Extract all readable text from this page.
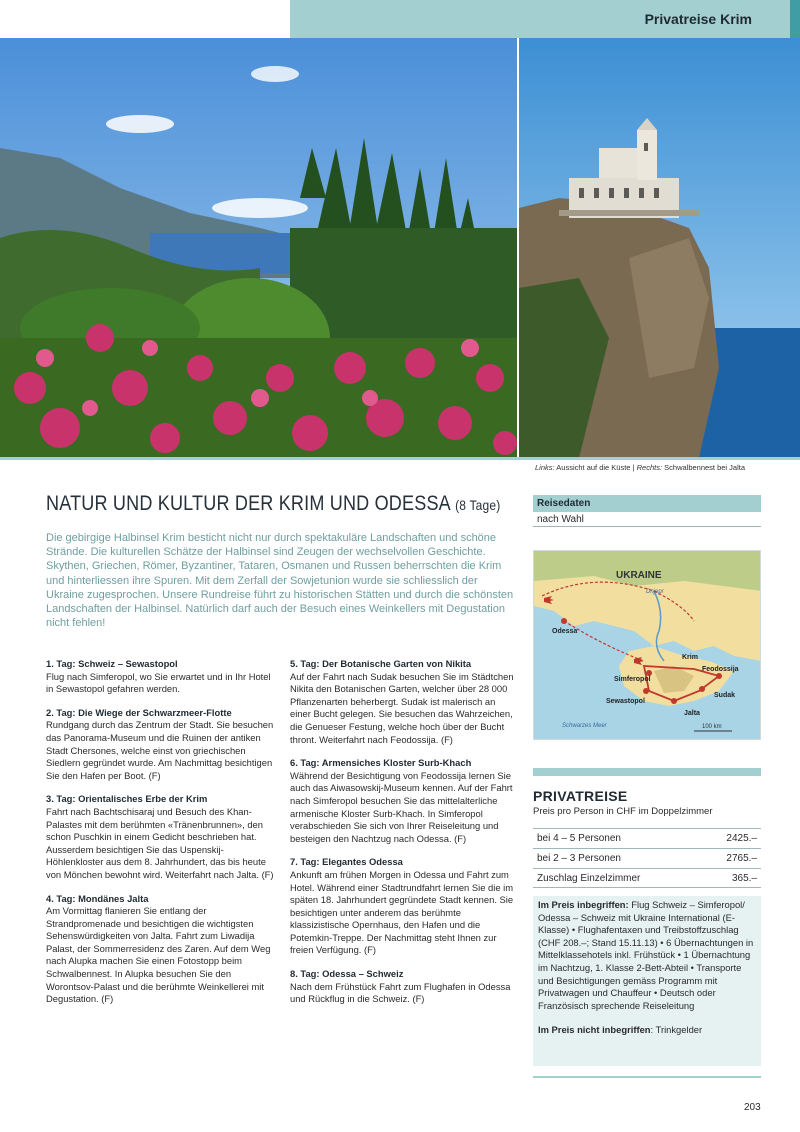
Privatreise Krim
Links: Aussicht auf die Küste | Rechts: Schwalbennest bei Jalta
NATUR UND KULTUR DER KRIM UND ODESSA (8 Tage)
Die gebirgige Halbinsel Krim besticht nicht nur durch spektakuläre Landschaften und schöne Strände. Die kulturellen Schätze der Halbinsel sind Zeugen der wechselvollen Geschichte. Skythen, Griechen, Römer, Byzantiner, Tataren, Osmanen und Russen beherrschten die Krim und hinterliessen ihre Spuren. Mit dem Zerfall der Sowjetunion wurde sie schliesslich der Ukraine zugesprochen. Unsere Rundreise führt zu historischen Stätten und durch die schönsten Landschaften der Halbinsel. Natürlich darf auch der Besuch eines Weinkellers mit Degustation nicht fehlen!
1. Tag: Schweiz – Sewastopol

Flug nach Simferopol, wo Sie erwartet und in Ihr Hotel in Sewastopol gefahren werden.

2. Tag: Die Wiege der Schwarzmeer-Flotte

Rundgang durch das Zentrum der Stadt. Sie besuchen das Panorama-Museum und die Ruinen der antiken Stadt Chersones, welche einst von griechischen Siedlern gegründet wurde. Am Nachmittag besichtigen Sie den Hafen per Boot. (F)

3. Tag: Orientalisches Erbe der Krim

Fahrt nach Bachtschisaraj und Besuch des Khan-Palastes mit dem berühmten «Tränenbrunnen», den schon Puschkin in einem Gedicht beschrieben hat. Ausserdem besichtigen Sie das Uspenskij-Höhlenkloster aus dem 8. Jahrhundert, das bis heute von Mönchen bewohnt wird. Weiterfahrt nach Jalta. (F)

4. Tag: Mondänes Jalta

Am Vormittag flanieren Sie entlang der Strandpromenade und besichtigen die wichtigsten Sehenswürdigkeiten von Jalta. Fahrt zum Liwadija Palast, der Sommerresidenz des Zaren. Auf dem Weg nach Alupka machen Sie einen Fotostopp beim Schwalbennest. In Alupka besuchen Sie den Worontsov-Palast und die berühmte Weinkellerei mit Degustation. (F)

5. Tag: Der Botanische Garten von Nikita

Auf der Fahrt nach Sudak besuchen Sie im Städtchen Nikita den Botanischen Garten, welcher über 28 000 Pflanzenarten beherbergt. Sudak ist malerisch an einer Bucht gelegen. Sie besuchen das Wahrzeichen, die Genueser Festung, welche hoch über der Bucht thront. Weiterfahrt nach Feodossija. (F)

6. Tag: Armensiches Kloster Surb-Khach

Während der Besichtigung von Feodossija lernen Sie auch das Aiwasowskij-Museum kennen. Auf der Fahrt nach Simferopol besuchen Sie das mittelalterliche armenische Kloster Surb-Khach. In Simferopol verabschieden Sie sich von Ihrer Reiseleitung und besteigen den Nachtzug nach Odessa. (F)

7. Tag: Elegantes Odessa

Ankunft am frühen Morgen in Odessa und Fahrt zum Hotel. Während einer Stadtrundfahrt lernen Sie die im späten 18. Jahrhundert gegründete Stadt kennen. Sie besichtigen unter anderem das berühmte klassizistische Opernhaus, den Hafen und die Potemkin-Treppe. Der Nachmittag steht Ihnen zur freien Verfügung. (F)

8. Tag: Odessa – Schweiz

Nach dem Frühstück Fahrt zum Flughafen in Odessa und Rückflug in die Schweiz. (F)

Reisedaten
nach Wahl
UKRAINE
Dnjepr
Odessa
Krim
Feodossija
Simferopol
Sudak
Sewastopol
Jalta
Schwarzes Meer	100 km
PRIVATREISE
Preis pro Person in CHF im Doppelzimmer
bei 4 – 5 Personen	2425.–
bei 2 – 3 Personen	2765.–
Zuschlag Einzelzimmer	365.–

Im Preis inbegriffen: Flug Schweiz – Simferopol/ Odessa – Schweiz mit Ukraine International (E-Klasse) • Flughafentaxen und Treibstoffzuschlag (CHF 208.–; Stand 15.11.13) • 6 Übernachtungen in Mittelklassehotels inkl. Frühstück • 1 Übernachtung im Nachtzug, 1. Klasse 2-Bett-Abteil • Transporte und Besichtigungen gemäss Programm mit Privatwagen und Chauffeur • Deutsch oder Französisch sprechende Reiseleitung

Im Preis nicht inbegriffen: Trinkgelder

203
